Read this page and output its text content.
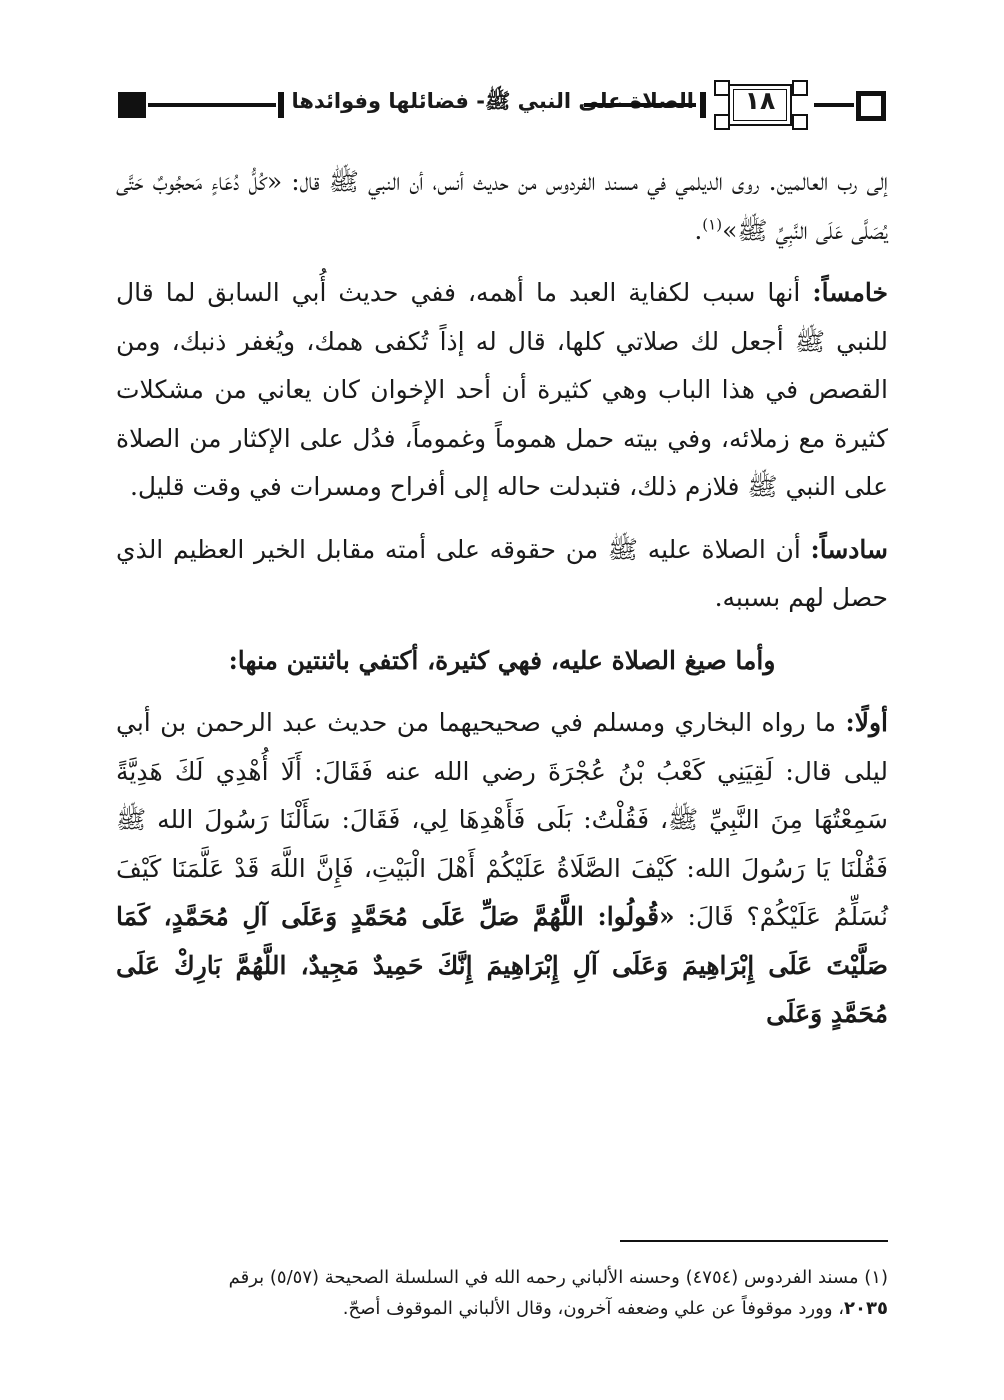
الصلاة على النبي ﷺ- فضائلها وفوائدها	١٨

إلى رب العالمين. روى الديلمي في مسند الفردوس من حديث أنس، أن النبي ﷺ قال: «كُلُّ دُعَاءٍ مَحجُوبٌ حَتَّى يُصَلَّى عَلَى النَّبِيِّ ﷺ»$^{(١)}$.

خامساً: أنها سبب لكفاية العبد ما أهمه، ففي حديث أُبي السابق لما قال للنبي ﷺ أجعل لك صلاتي كلها، قال له إذاً تُكفى همك، ويُغفر ذنبك، ومن القصص في هذا الباب وهي كثيرة أن أحد الإخوان كان يعاني من مشكلات كثيرة مع زملائه، وفي بيته حمل هموماً وغموماً، فدُل على الإكثار من الصلاة على النبي ﷺ فلازم ذلك، فتبدلت حاله إلى أفراح ومسرات في وقت قليل.

سادساً: أن الصلاة عليه ﷺ من حقوقه على أمته مقابل الخير العظيم الذي حصل لهم بسببه.

وأما صيغ الصلاة عليه، فهي كثيرة، أكتفي باثنتين منها:

أولًا: ما رواه البخاري ومسلم في صحيحيهما من حديث عبد الرحمن بن أبي ليلى قال: لَقِيَنِي كَعْبُ بْنُ عُجْرَةَ رضي الله عنه فَقَالَ: أَلَا أُهْدِي لَكَ هَدِيَّةً سَمِعْتُهَا مِنَ النَّبِيِّ ﷺ، فَقُلْتُ: بَلَى فَأَهْدِهَا لِي، فَقَالَ: سَأَلْنَا رَسُولَ الله ﷺ فَقُلْنَا يَا رَسُولَ الله: كَيْفَ الصَّلَاةُ عَلَيْكُمْ أَهْلَ الْبَيْتِ، فَإِنَّ اللَّهَ قَدْ عَلَّمَنَا كَيْفَ نُسَلِّمُ عَلَيْكُمْ؟ قَالَ: «قُولُوا: اللَّهُمَّ صَلِّ عَلَى مُحَمَّدٍ وَعَلَى آلِ مُحَمَّدٍ، كَمَا صَلَّيْتَ عَلَى إِبْرَاهِيمَ وَعَلَى آلِ إِبْرَاهِيمَ إِنَّكَ حَمِيدٌ مَجِيدٌ، اللَّهُمَّ بَارِكْ عَلَى مُحَمَّدٍ وَعَلَى

(١) مسند الفردوس (٤٧٥٤) وحسنه الألباني رحمه الله في السلسلة الصحيحة (٥/٥٧) برقم

٢٠٣٥، وورد موقوفاً عن علي وضعفه آخرون، وقال الألباني الموقوف أصحّ.
